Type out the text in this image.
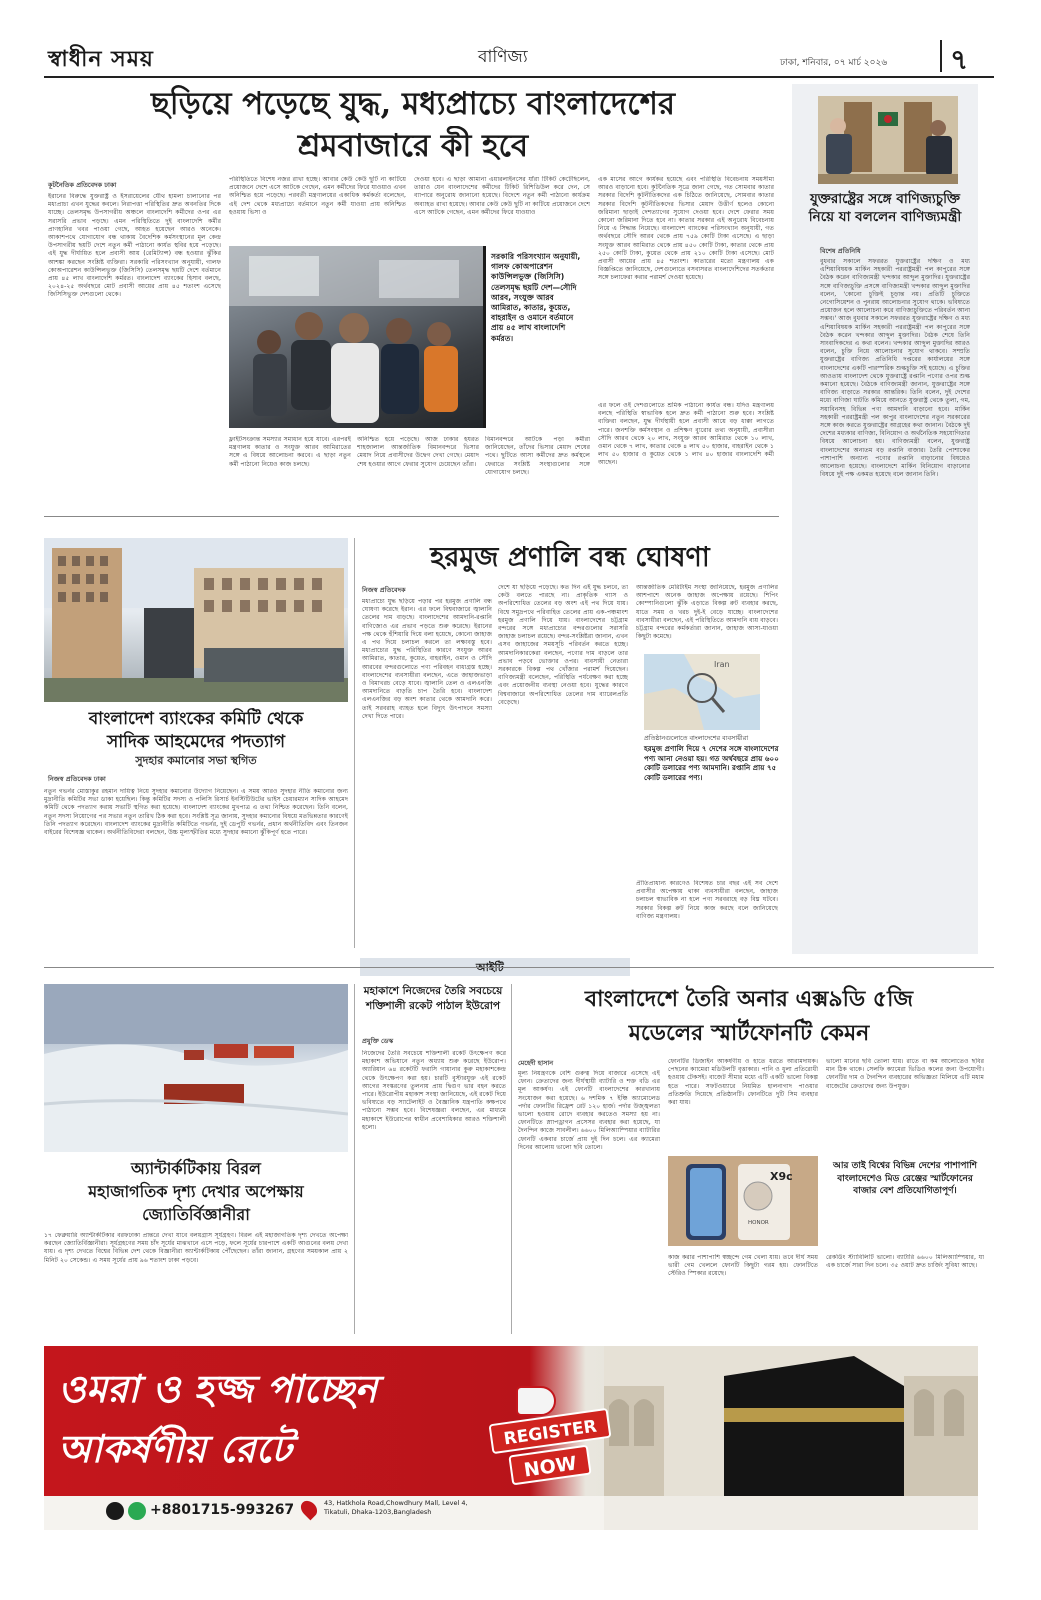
স্বাধীন সময়	বাণিজ্য	ঢাকা, শনিবার, ০৭ মার্চ ২০২৬ ৭
ছড়িয়ে পড়েছে যুদ্ধ, মধ্যপ্রাচ্যে বাংলাদেশের
শ্রমবাজারে কী হবে
কূটনৈতিক প্রতিবেদক ঢাকা
ইরানের বিরুদ্ধে যুক্তরাষ্ট্র ও ইসরায়েলের যৌথ হামলা চালানোর পর মধ্যপ্রাচ্য এখন যুদ্ধের কবলে। নিরাপত্তা পরিস্থিতির দ্রুত অবনতির দিকে যাচ্ছে। তেলসমৃদ্ধ উপসাগরীয় অঞ্চলে বাংলাদেশি কর্মীদের ওপর এর সরাসরি প্রভাব পড়ছে। এমন পরিস্থিতিতে দুই বাংলাদেশি কর্মীর প্রাণহানির খবর পাওয়া গেছে, আহত হয়েছেন আরও অনেকে। আকাশপথে যোগাযোগ বন্ধ থাকায় বৈদেশিক কর্মসংস্থানের মূল কেন্দ্র উপসাগরীয় ছয়টি দেশে নতুন কর্মী পাঠানো কার্যত স্থবির হয়ে পড়েছে। এই যুদ্ধ দীর্ঘায়িত হলে প্রবাসী আয় (রেমিট্যান্স) বন্ধ হওয়ার ঝুঁকির আশঙ্কা করছেন সংশ্লিষ্ট ব্যক্তিরা। সরকারি পরিসংখ্যান অনুযায়ী, গালফ কোঅপারেশন কাউন্সিলভুক্ত (জিসিসি) তেলসমৃদ্ধ ছয়টি দেশে বর্তমানে প্রায় ৪৫ লাখ বাংলাদেশি কর্মরত। বাংলাদেশ ব্যাংকের হিসাব বলছে, ২০২৪-২৫ অর্থবছরে মোট প্রবাসী আয়ের প্রায় ৪৫ শতাংশ এসেছে জিসিসিভুক্ত দেশগুলো থেকে।
পরিস্থিতিতে বিশেষ নজর রাখা হচ্ছে। আবার কেউ কেউ ছুটি না কাটিয়ে প্রয়োজনে দেশে এসে আটকে গেছেন, এমন কর্মীদের ফিরে যাওয়াও এখন অনিশ্চিত হয়ে পড়েছে। পরবর্তী মন্ত্রণালয়ের একাধিক কর্মকর্তা বলেছেন, এই দেশ থেকে মধ্যপ্রাচ্যে বর্তমানে নতুন কর্মী যাওয়া প্রায় অনিশ্চিত হওয়ায় ভিসা ও
দেওয়া হবে। এ ছাড়া আমানা এয়ারলাইনসের যাঁরা টিকিট কেটেছিলেন, তারাও যেন বাংলাদেশের কর্মীদের টিকিট রিশিডিউল করে দেন, সে ব্যাপারে অনুরোধ জানানো হয়েছে। বিদেশে নতুন কর্মী পাঠানো কার্যক্রম অব্যাহত রাখা হয়েছে। আবার কেউ কেউ ছুটি না কাটিয়ে প্রয়োজনে দেশে এসে আটকে গেছেন, এমন কর্মীদের ফিরে যাওয়াও
এক মাসের আগে কার্যকর হয়েছে এবং পরিস্থিতি বিবেচনায় সময়সীমা আরও বাড়ানো হবে। কূটনৈতিক সূত্রে জানা গেছে, গত সোমবার কাতার সরকার বিদেশি কূটনীতিকদের এক চিঠিতে জানিয়েছে, সোমবার কাতার সরকার বিদেশি কূটনীতিকদের ভিসার মেয়াদ উত্তীর্ণ হলেও কোনো জরিমানা ছাড়াই দেশত্যাগের সুযোগ দেওয়া হবে। দেশে ফেরার সময় কোনো জরিমানা দিতে হবে না। কাতার সরকার এই অনুরোধ বিবেচনায় নিয়ে এ সিদ্ধান্ত নিয়েছে। বাংলাদেশ ব্যাংকের পরিসংখ্যান অনুযায়ী, গত অর্থবছরে সৌদি আরব থেকে প্রায় ৭৫৯ কোটি টাকা এসেছে। এ ছাড়া সংযুক্ত আরব আমিরাত থেকে প্রায় ৪৫০ কোটি টাকা, কাতার থেকে প্রায় ২৫০ কোটি টাকা, কুয়েত থেকে প্রায় ২১০ কোটি টাকা এসেছে। মোট প্রবাসী আয়ের প্রায় ৪৫ শতাংশ। কাতারের মতো মন্ত্রণালয় এক বিজ্ঞপ্তিতে জানিয়েছে, দেশগুলোতে বসবাসরত বাংলাদেশিদের সতর্কতার সঙ্গে চলাফেরা করার পরামর্শ দেওয়া হয়েছে।
এর ফলে ওই দেশগুলোতে শ্রমিক পাঠানো কার্যত বন্ধ। যদিও মন্ত্রণালয় বলছে পরিস্থিতি স্বাভাবিক হলে দ্রুত কর্মী পাঠানো শুরু হবে। সংশ্লিষ্ট ব্যক্তিরা বলছেন, যুদ্ধ দীর্ঘস্থায়ী হলে প্রবাসী আয়ে বড় ধাক্কা লাগতে পারে। জনশক্তি কর্মসংস্থান ও প্রশিক্ষণ ব্যুরোর তথ্য অনুযায়ী, প্রবাসীরা সৌদি আরব থেকে ২০ লাখ, সংযুক্ত আরব আমিরাত থেকে ১০ লাখ, ওমান থেকে ৭ লাখ, কাতার থেকে ৪ লাখ ৫০ হাজার, বাহরাইন থেকে ১ লাখ ৫০ হাজার ও কুয়েত থেকে ১ লাখ ৪০ হাজার বাংলাদেশি কর্মী আছেন।
সরকারি পরিসংখ্যান অনুযায়ী, গালফ কোঅপারেশন কাউন্সিলভুক্ত (জিসিসি) তেলসমৃদ্ধ ছয়টি দেশ—সৌদি আরব, সংযুক্ত আরব আমিরাত, কাতার, কুয়েত, বাহরাইন ও ওমানে বর্তমানে প্রায় ৪৫ লাখ বাংলাদেশি কর্মরত।
ফ্লাইটসংক্রান্ত সমস্যার সমাধান হয়ে যাবে। এরপরই মন্ত্রণালয় কাতার ও সংযুক্ত আরব আমিরাতের সঙ্গে এ বিষয়ে আলোচনা করবে। এ ছাড়া নতুন কর্মী পাঠানো নিয়েও কাজ চলছে।
অনিশ্চিত হয়ে পড়েছে। আজ ঢাকার হযরত শাহজালাল আন্তর্জাতিক বিমানবন্দরে ভিসার মেয়াদ নিয়ে প্রবাসীদের উদ্বেগ দেখা গেছে। মেয়াদ শেষ হওয়ার আগে ফেরার সুযোগ চেয়েছেন তাঁরা।
বিমানবন্দরে আটকে পড়া কর্মীরা জানিয়েছেন, তাঁদের ভিসার মেয়াদ শেষের পথে। ছুটিতে আসা কর্মীদের দ্রুত কর্মস্থলে ফেরাতে সংশ্লিষ্ট সংস্থাগুলোর সঙ্গে যোগাযোগ চলছে।
যুক্তরাষ্ট্রের সঙ্গে বাণিজ্যচুক্তি নিয়ে যা বললেন বাণিজ্যমন্ত্রী
বিশেষ প্রতিনিধি
বুধবার সকালে সফররত যুক্তরাষ্ট্রের দক্ষিণ ও মধ্য এশিয়াবিষয়ক মার্কিন সহকারী পররাষ্ট্রমন্ত্রী পল কাপুরের সঙ্গে বৈঠক করেন বাণিজ্যমন্ত্রী খন্দকার আব্দুল মুক্তাদির। যুক্তরাষ্ট্রের সঙ্গে বাণিজ্যচুক্তি প্রসঙ্গে বাণিজ্যমন্ত্রী খন্দকার আব্দুল মুক্তাদির বলেন, 'কোনো চুক্তিই চূড়ান্ত নয়। প্রতিটি চুক্তিতে নেগোসিয়েশন ও পুনরায় আলোচনার সুযোগ থাকে। ভবিষ্যতে প্রয়োজন হলে আলোচনা করে বাণিজ্যচুক্তিতে পরিবর্তন আনা সম্ভব।' আজ বুধবার সকালে সফররত যুক্তরাষ্ট্রের দক্ষিণ ও মধ্য এশিয়াবিষয়ক মার্কিন সহকারী পররাষ্ট্রমন্ত্রী পল কাপুরের সঙ্গে বৈঠক করেন খন্দকার আব্দুল মুক্তাদির। বৈঠক শেষে তিনি সাংবাদিকদের এ কথা বলেন। খন্দকার আব্দুল মুক্তাদির আরও বলেন, চুক্তি নিয়ে আলোচনার সুযোগ থাকবে। সম্প্রতি যুক্তরাষ্ট্রের বাণিজ্য প্রতিনিধি দপ্তরের কার্যালয়ের সঙ্গে বাংলাদেশের একটি পারস্পরিক শুল্কচুক্তি সই হয়েছে। এ চুক্তির আওতায় বাংলাদেশ থেকে যুক্তরাষ্ট্রে রপ্তানি পণ্যের ওপর শুল্ক কমানো হয়েছে। বৈঠকে বাণিজ্যমন্ত্রী জানান, যুক্তরাষ্ট্রের সঙ্গে বাণিজ্য বাড়াতে সরকার আন্তরিক। তিনি বলেন, দুই দেশের মধ্যে বাণিজ্য ঘাটতি কমিয়ে আনতে যুক্তরাষ্ট্র থেকে তুলা, গম, সয়াবিনসহ বিভিন্ন পণ্য আমদানি বাড়ানো হবে। মার্কিন সহকারী পররাষ্ট্রমন্ত্রী পল কাপুর বাংলাদেশের নতুন সরকারের সঙ্গে কাজ করতে যুক্তরাষ্ট্রের আগ্রহের কথা জানান। বৈঠকে দুই দেশের মধ্যকার বাণিজ্য, বিনিয়োগ ও অর্থনৈতিক সহযোগিতার বিষয়ে আলোচনা হয়। বাণিজ্যমন্ত্রী বলেন, যুক্তরাষ্ট্র বাংলাদেশের অন্যতম বড় রপ্তানি বাজার। তৈরি পোশাকের পাশাপাশি অন্যান্য পণ্যের রপ্তানি বাড়ানোর বিষয়েও আলোচনা হয়েছে। বাংলাদেশে মার্কিন বিনিয়োগ বাড়ানোর বিষয়ে দুই পক্ষ একমত হয়েছে বলে জানান তিনি।
বাংলাদেশ ব্যাংকের কমিটি থেকে
সাদিক আহমেদের পদত্যাগ
সুদহার কমানোর সভা স্থগিত
নিজস্ব প্রতিবেদক ঢাকা
নতুন গভর্নর মোস্তাকুর রহমান দায়িত্ব নিয়ে সুদহার কমানোর উদ্যোগ নিয়েছেন। এ সময় আরও সুদহার নীতি কমানোর জন্য মুদ্রানীতি কমিটির সভা ডাকা হয়েছিল। কিন্তু কমিটির সদস্য ও পলিসি রিসার্চ ইনস্টিটিউটের ভাইস চেয়ারম্যান সাদিক আহমেদ কমিটি থেকে পদত্যাগ করায় সভাটি স্থগিত করা হয়েছে। বাংলাদেশ ব্যাংকের মুখপাত্র এ তথ্য নিশ্চিত করেছেন। তিনি বলেন, নতুন সদস্য নিয়োগের পর সভার নতুন তারিখ ঠিক করা হবে। সংশ্লিষ্ট সূত্র জানায়, সুদহার কমানোর বিষয়ে মতভিন্নতার কারণেই তিনি পদত্যাগ করেছেন। বাংলাদেশ ব্যাংকের মুদ্রানীতি কমিটিতে গভর্নর, দুই ডেপুটি গভর্নর, প্রধান অর্থনীতিবিদ এবং তিনজন বাইরের বিশেষজ্ঞ থাকেন। অর্থনীতিবিদেরা বলছেন, উচ্চ মূল্যস্ফীতির মধ্যে সুদহার কমানো ঝুঁকিপূর্ণ হতে পারে।
হরমুজ প্রণালি বন্ধ ঘোষণা
নিজস্ব প্রতিবেদক
মধ্যপ্রাচ্যে যুদ্ধ ছড়িয়ে পড়ার পর হরমুজ প্রণালি বন্ধ ঘোষণা করেছে ইরান। এর ফলে বিশ্ববাজারে জ্বালানি তেলের দাম বাড়ছে। বাংলাদেশের আমদানি-রপ্তানি বাণিজ্যেও এর প্রভাব পড়তে শুরু করেছে। ইরানের পক্ষ থেকে হুঁশিয়ারি দিয়ে বলা হয়েছে, কোনো জাহাজ এ পথ দিয়ে চলাচল করলে তা লক্ষ্যবস্তু হবে। মধ্যপ্রাচ্যের যুদ্ধ পরিস্থিতির কারণে সংযুক্ত আরব আমিরাত, কাতার, কুয়েত, বাহরাইন, ওমান ও সৌদি আরবের বন্দরগুলোতে পণ্য পরিবহন বাধাগ্রস্ত হচ্ছে। বাংলাদেশের ব্যবসায়ীরা বলছেন, এতে জাহাজভাড়া ও বিমাখরচ বেড়ে যাবে। জ্বালানি তেল ও এলএনজি আমদানিতে বাড়তি চাপ তৈরি হবে। বাংলাদেশ এলএনজির বড় অংশ কাতার থেকে আমদানি করে। তাই সরবরাহ ব্যাহত হলে বিদ্যুৎ উৎপাদনে সমস্যা দেখা দিতে পারে।
দেশে যা ছড়িয়ে পড়েছে। কত দিন এই যুদ্ধ চলবে, তা কেউ বলতে পারছে না। প্রাকৃতিক গ্যাস ও অপরিশোধিত তেলের বড় অংশ এই পথ দিয়ে যায়। বিশ্বে সমুদ্রপথে পরিবাহিত তেলের প্রায় এক-পঞ্চমাংশ হরমুজ প্রণালি দিয়ে যায়। বাংলাদেশের চট্টগ্রাম বন্দরের সঙ্গে মধ্যপ্রাচ্যের বন্দরগুলোর সরাসরি জাহাজ চলাচল রয়েছে। বন্দর-সংশ্লিষ্টরা জানান, এখন এসব জাহাজের সময়সূচি পরিবর্তন করতে হচ্ছে। আমদানিকারকেরা বলছেন, পণ্যের দাম বাড়লে তার প্রভাব পড়বে ভোক্তার ওপর। ব্যবসায়ী নেতারা সরকারকে বিকল্প পথ খোঁজার পরামর্শ দিয়েছেন। বাণিজ্যমন্ত্রী বলেছেন, পরিস্থিতি পর্যবেক্ষণ করা হচ্ছে এবং প্রয়োজনীয় ব্যবস্থা নেওয়া হবে। যুদ্ধের কারণে বিশ্ববাজারে অপরিশোধিত তেলের দাম ব্যারেলপ্রতি বেড়েছে।
আন্তর্জাতিক মেরিটাইম সংস্থা জানিয়েছে, হরমুজ প্রণালির আশপাশে অনেক জাহাজ অপেক্ষায় রয়েছে। শিপিং কোম্পানিগুলো ঝুঁকি এড়াতে বিকল্প রুট ব্যবহার করছে, যাতে সময় ও খরচ দুই-ই বেড়ে যাচ্ছে। বাংলাদেশের ব্যবসায়ীরা বলছেন, এই পরিস্থিতিতে আমদানি ব্যয় বাড়বে। চট্টগ্রাম বন্দরের কর্মকর্তারা জানান, জাহাজ আসা-যাওয়া কিছুটা কমেছে।
Iran
প্রতিষ্ঠানগুলোতে বাংলাদেশের ব্যবসায়ীরা
হরমুজ প্রণালি দিয়ে ৭ দেশের সঙ্গে বাংলাদেশের পণ্য আনা নেওয়া হয়। গত অর্থবছরে প্রায় ৬০০ কোটি ডলারের পণ্য আমদানি। রপ্তানি প্রায় ৭৫ কোটি ডলারের পণ্য।
প্রীতিপ্রাধান্য কারণেও বিশেষত চার বছর এই সব দেশে প্রবাসীর অপেক্ষায় থাকা ব্যবসায়ীরা বলছেন, জাহাজ চলাচল স্বাভাবিক না হলে পণ্য সরবরাহে বড় বিঘ্ন ঘটবে। সরকার বিকল্প রুট নিয়ে কাজ করছে বলে জানিয়েছে বাণিজ্য মন্ত্রণালয়।
আইটি
অ্যান্টার্কটিকায় বিরল
মহাজাগতিক দৃশ্য দেখার অপেক্ষায়
জ্যোতির্বিজ্ঞানীরা
১৭ ফেব্রুয়ারি অ্যান্টার্কটিকার বরফঢাকা প্রান্তরে দেখা যাবে বলয়গ্রাস সূর্যগ্রহণ। বিরল এই মহাজাগতিক দৃশ্য দেখতে অপেক্ষা করছেন জ্যোতির্বিজ্ঞানীরা। সূর্যগ্রহণের সময় চাঁদ সূর্যের মাঝখানে এসে পড়ে, ফলে সূর্যের চারপাশে একটি আগুনের বলয় দেখা যায়। এ দৃশ্য দেখতে বিশ্বের বিভিন্ন দেশ থেকে বিজ্ঞানীরা অ্যান্টার্কটিকায় পৌঁছেছেন। তাঁরা জানান, গ্রহণের সময়কাল প্রায় ২ মিনিট ২০ সেকেন্ড। এ সময় সূর্যের প্রায় ৯৬ শতাংশ ঢাকা পড়বে।
মহাকাশে নিজেদের তৈরি সবচেয়ে শক্তিশালী রকেট পাঠাল ইউরোপ
প্রযুক্তি ডেস্ক
নিজেদের তৈরি সবচেয়ে শক্তিশালী রকেট উৎক্ষেপণ করে মহাকাশ অভিযানে নতুন অধ্যায় শুরু করেছে ইউরোপ। অ্যারিয়ান ৬৪ রকেটটি ফরাসি গায়ানার কুরু মহাকাশকেন্দ্র থেকে উৎক্ষেপণ করা হয়। চারটি বুস্টারযুক্ত এই রকেট আগের সংস্করণের তুলনায় প্রায় দ্বিগুণ ভার বহন করতে পারে। ইউরোপীয় মহাকাশ সংস্থা জানিয়েছে, এই রকেট দিয়ে ভবিষ্যতে বড় স্যাটেলাইট ও বৈজ্ঞানিক যন্ত্রপাতি কক্ষপথে পাঠানো সম্ভব হবে। বিশেষজ্ঞরা বলছেন, এর মাধ্যমে মহাকাশে ইউরোপের স্বাধীন প্রবেশাধিকার আরও শক্তিশালী হলো।
বাংলাদেশে তৈরি অনার এক্স৯ডি ৫জি
মডেলের স্মার্টফোনটি কেমন
মেহেদী হাসান
মূল্য নিয়ন্ত্রণকে বেশি গুরুত্ব দিয়ে বাজারে এসেছে এই ফোন। ক্রেতাদের জন্য দীর্ঘস্থায়ী ব্যাটারি ও শক্ত বডি এর মূল আকর্ষণ। এই ফোনটি বাংলাদেশের কারখানায় সংযোজন করা হয়েছে। ৬ দশমিক ৭ ইঞ্চি অ্যামোলেড পর্দার ফোনটির রিফ্রেশ রেট ১২০ হার্জ। পর্দার উজ্জ্বলতা ভালো হওয়ায় রোদে ব্যবহার করতেও সমস্যা হয় না। ফোনটিতে স্ন্যাপড্রাগন প্রসেসর ব্যবহার করা হয়েছে, যা দৈনন্দিন কাজে সাবলীল। ৬৬০০ মিলিঅ্যাম্পিয়ার ব্যাটারির ফোনটি একবার চার্জে প্রায় দুই দিন চলে। এর ক্যামেরা দিনের আলোয় ভালো ছবি তোলে।
ফোনটির ডিজাইন আকর্ষণীয় ও হাতে ধরতে আরামদায়ক। পেছনের ক্যামেরা মডিউলটি বৃত্তাকার। পানি ও ধুলা প্রতিরোধী হওয়ায় টেকসই। বাজেট সীমার মধ্যে এটি একটি ভালো বিকল্প হতে পারে। সফটওয়্যারে নিয়মিত হালনাগাদ পাওয়ার প্রতিশ্রুতি দিয়েছে প্রতিষ্ঠানটি। ফোনটিতে দুটি সিম ব্যবহার করা যায়।
ভালো মানের ছবি তোলা যায়। রাতে বা কম আলোতেও ছবির মান ঠিক থাকে। সেলফি ক্যামেরা ভিডিও কলের জন্য উপযোগী। ফোনটির দাম ও দৈনন্দিন ব্যবহারের অভিজ্ঞতা মিলিয়ে এটি মধ্যম বাজেটের ক্রেতাদের জন্য উপযুক্ত।
HONOR
X9c
আর তাই বিশ্বের বিভিন্ন দেশের পাশাপাশি বাংলাদেশেও মিড রেঞ্জের স্মার্টফোনের বাজার বেশ প্রতিযোগিতাপূর্ণ।
কাজ করার পাশাপাশি স্বচ্ছন্দে গেম খেলা যায়। তবে দীর্ঘ সময় ভারী গেম খেললে ফোনটি কিছুটা গরম হয়। ফোনটিতে স্টেরিও স্পিকার রয়েছে।
রেকর্ডিং স্ট্যাবিলিটি ভালো। ব্যাটারি ৬৬০০ মিলিঅ্যাম্পিয়ার, যা এক চার্জে সারা দিন চলে। ৩৫ ওয়াট দ্রুত চার্জিং সুবিধা আছে।
ওমরা ও হজ্জ পাচ্ছেন
আকর্ষণীয় রেটে	REGISTER
NOW
+8801715-993267	43, Hatkhola Road,Chowdhury Mall, Level 4, Tikatuli, Dhaka-1203,Bangladesh
